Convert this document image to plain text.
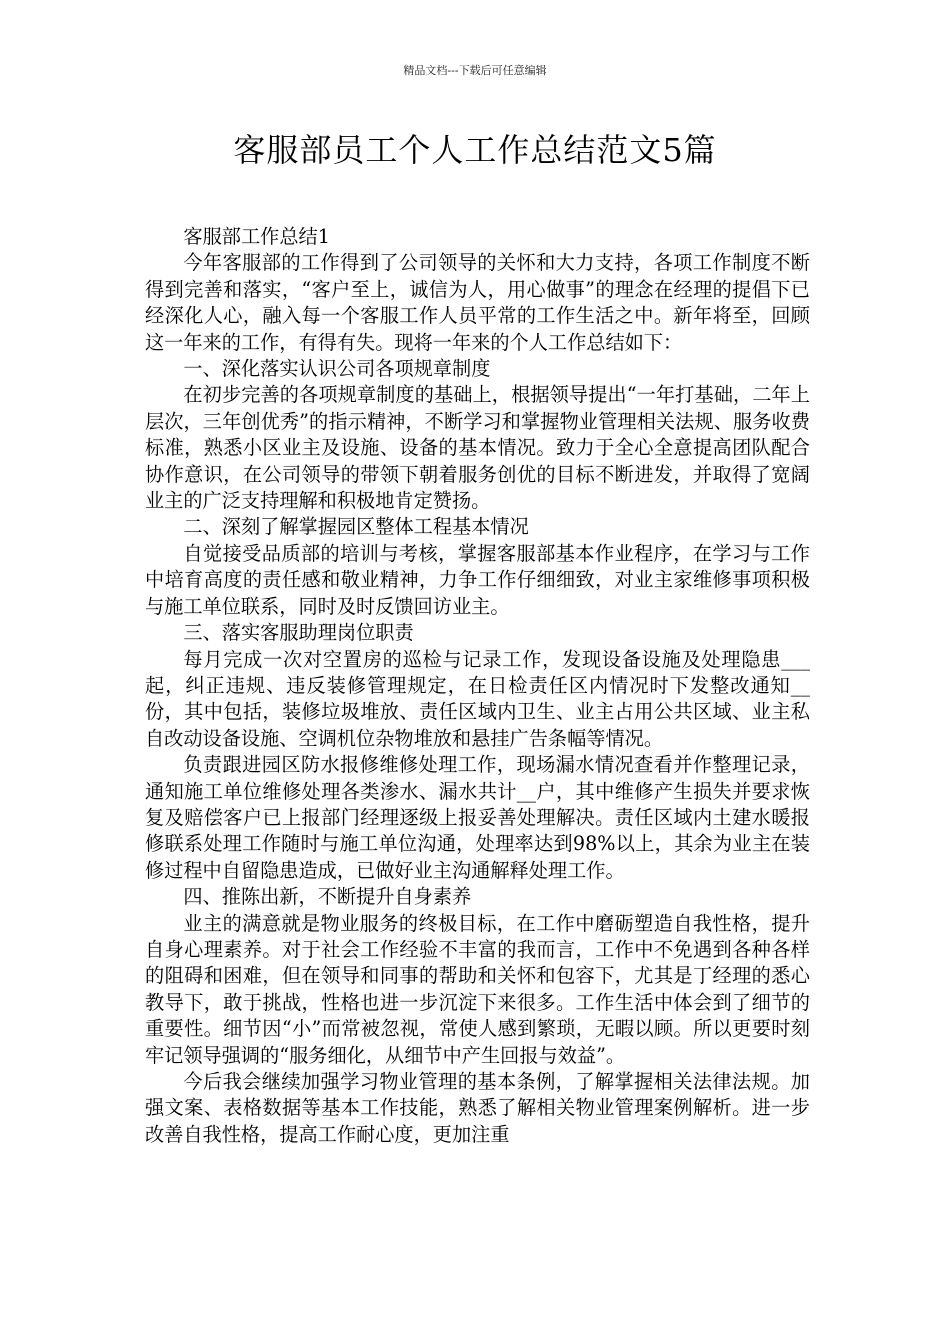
精品文档---下载后可任意编辑
客服部员工个人工作总结范文5篇

客服部工作总结1

今年客服部的工作得到了公司领导的关怀和大力支持，各项工作制度不断得到完善和落实，“客户至上，诚信为人，用心做事”的理念在经理的提倡下已经深化人心，融入每一个客服工作人员平常的工作生活之中。新年将至，回顾这一年来的工作，有得有失。现将一年来的个人工作总结如下：

一、深化落实认识公司各项规章制度

在初步完善的各项规章制度的基础上，根据领导提出“一年打基础，二年上层次，三年创优秀”的指示精神，不断学习和掌握物业管理相关法规、服务收费标准，熟悉小区业主及设施、设备的基本情况。致力于全心全意提高团队配合协作意识，在公司领导的带领下朝着服务创优的目标不断进发，并取得了宽阔业主的广泛支持理解和积极地肯定赞扬。

二、深刻了解掌握园区整体工程基本情况

自觉接受品质部的培训与考核，掌握客服部基本作业程序，在学习与工作中培育高度的责任感和敬业精神，力争工作仔细细致，对业主家维修事项积极与施工单位联系，同时及时反馈回访业主。

三、落实客服助理岗位职责

每月完成一次对空置房的巡检与记录工作，发现设备设施及处理隐患___起，纠正违规、违反装修管理规定，在日检责任区内情况时下发整改通知__份，其中包括，装修垃圾堆放、责任区域内卫生、业主占用公共区域、业主私自改动设备设施、空调机位杂物堆放和悬挂广告条幅等情况。

负责跟进园区防水报修维修处理工作，现场漏水情况查看并作整理记录，通知施工单位维修处理各类渗水、漏水共计__户，其中维修产生损失并要求恢复及赔偿客户已上报部门经理逐级上报妥善处理解决。责任区域内土建水暖报修联系处理工作随时与施工单位沟通，处理率达到98%以上，其余为业主在装修过程中自留隐患造成，已做好业主沟通解释处理工作。

四、推陈出新，不断提升自身素养

业主的满意就是物业服务的终极目标，在工作中磨砺塑造自我性格，提升自身心理素养。对于社会工作经验不丰富的我而言，工作中不免遇到各种各样的阻碍和困难，但在领导和同事的帮助和关怀和包容下，尤其是丁经理的悉心教导下，敢于挑战，性格也进一步沉淀下来很多。工作生活中体会到了细节的重要性。细节因“小”而常被忽视，常使人感到繁琐，无暇以顾。所以更要时刻牢记领导强调的“服务细化，从细节中产生回报与效益”。

今后我会继续加强学习物业管理的基本条例，了解掌握相关法律法规。加强文案、表格数据等基本工作技能，熟悉了解相关物业管理案例解析。进一步改善自我性格，提高工作耐心度，更加注重
